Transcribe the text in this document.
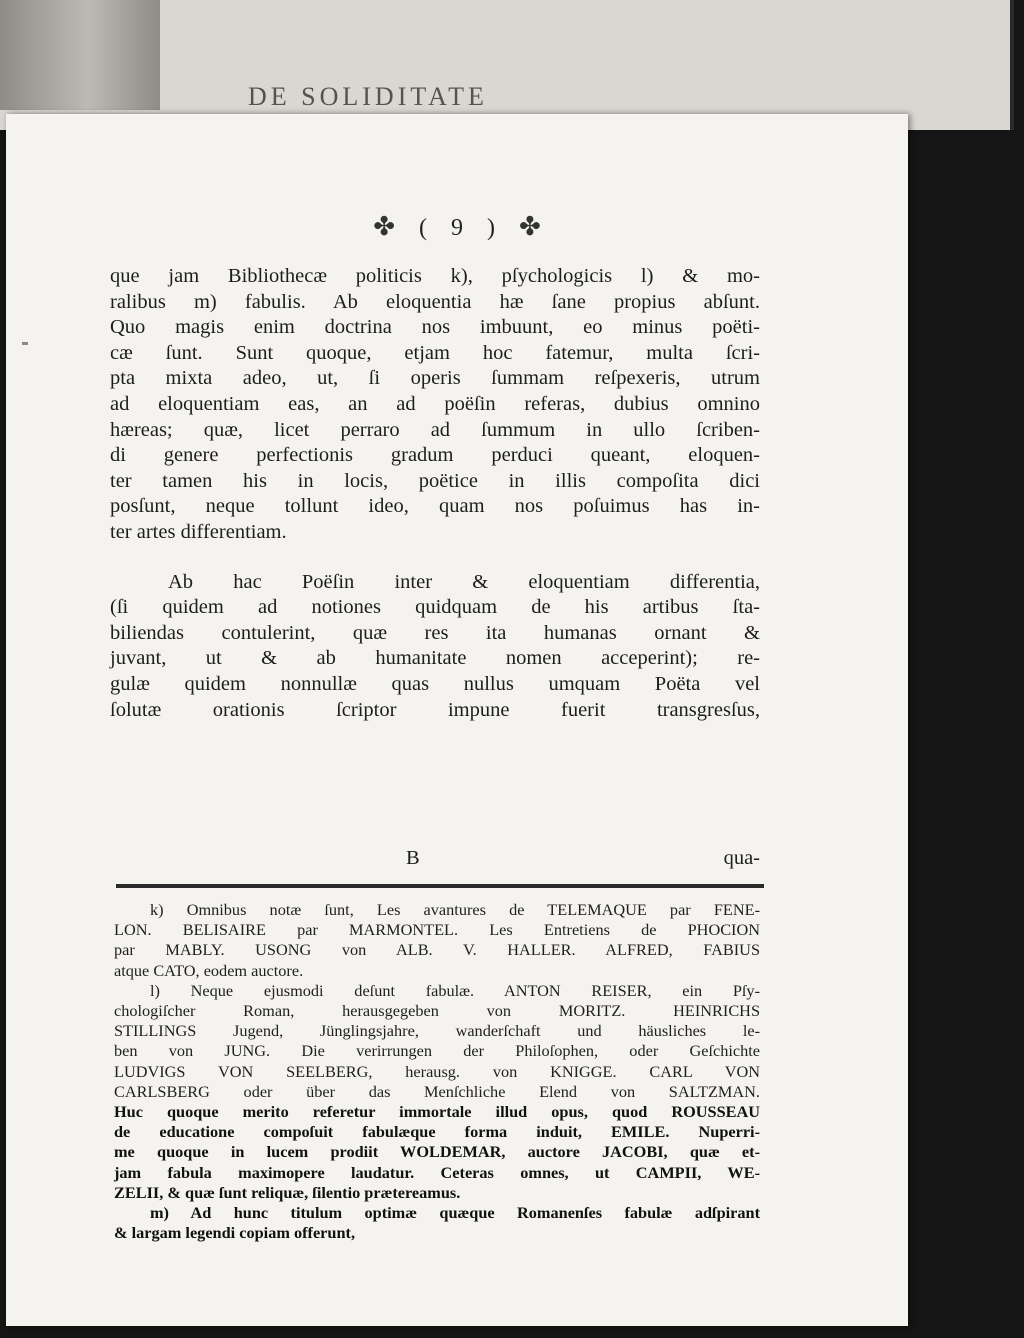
DE SOLIDITATE
✤ ( 9 ) ✤
que jam Bibliothecæ politicis k), pſychologicis l) & mo-
ralibus m) fabulis. Ab eloquentia hæ ſane propius abſunt.
Quo magis enim doctrina nos imbuunt, eo minus poëti-
cæ ſunt. Sunt quoque, etjam hoc fatemur, multa ſcri-
pta mixta adeo, ut, ſi operis ſummam reſpexeris, utrum
ad eloquentiam eas, an ad poëſin referas, dubius omnino
hæreas; quæ, licet perraro ad ſummum in ullo ſcriben-
di genere perfectionis gradum perduci queant, eloquen-
ter tamen his in locis, poëtice in illis compoſita dici
posſunt, neque tollunt ideo, quam nos poſuimus has in-
ter artes differentiam.
Ab hac Poëſin inter & eloquentiam differentia,
(ſi quidem ad notiones quidquam de his artibus ſta-
biliendas contulerint, quæ res ita humanas ornant &
juvant, ut & ab humanitate nomen acceperint); re-
gulæ quidem nonnullæ quas nullus umquam Poëta vel
ſolutæ orationis ſcriptor impune fuerit transgresſus,
B	qua-
k) Omnibus notæ ſunt, Les avantures de TELEMAQUE par FENE-
LON. BELISAIRE par MARMONTEL. Les Entretiens de PHOCION
par MABLY. USONG von ALB. V. HALLER. ALFRED, FABIUS
atque CATO, eodem auctore.
l) Neque ejusmodi deſunt fabulæ. ANTON REISER, ein Pſy-
chologiſcher Roman, herausgegeben von MORITZ. HEINRICHS
STILLINGS Jugend, Jünglingsjahre, wanderſchaft und häusliches le-
ben von JUNG. Die verirrungen der Philoſophen, oder Geſchichte
LUDVIGS VON SEELBERG, herausg. von KNIGGE. CARL VON
CARLSBERG oder über das Menſchliche Elend von SALTZMAN.
Huc quoque merito referetur immortale illud opus, quod ROUSSEAU
de educatione compoſuit fabulæque forma induit, EMILE. Nuperri-
me quoque in lucem prodiit WOLDEMAR, auctore JACOBI, quæ et-
jam fabula maximopere laudatur. Ceteras omnes, ut CAMPII, WE-
ZELII, & quæ ſunt reliquæ, ſilentio prætereamus.
m) Ad hunc titulum optimæ quæque Romanenſes fabulæ adſpirant
& largam legendi copiam offerunt,
